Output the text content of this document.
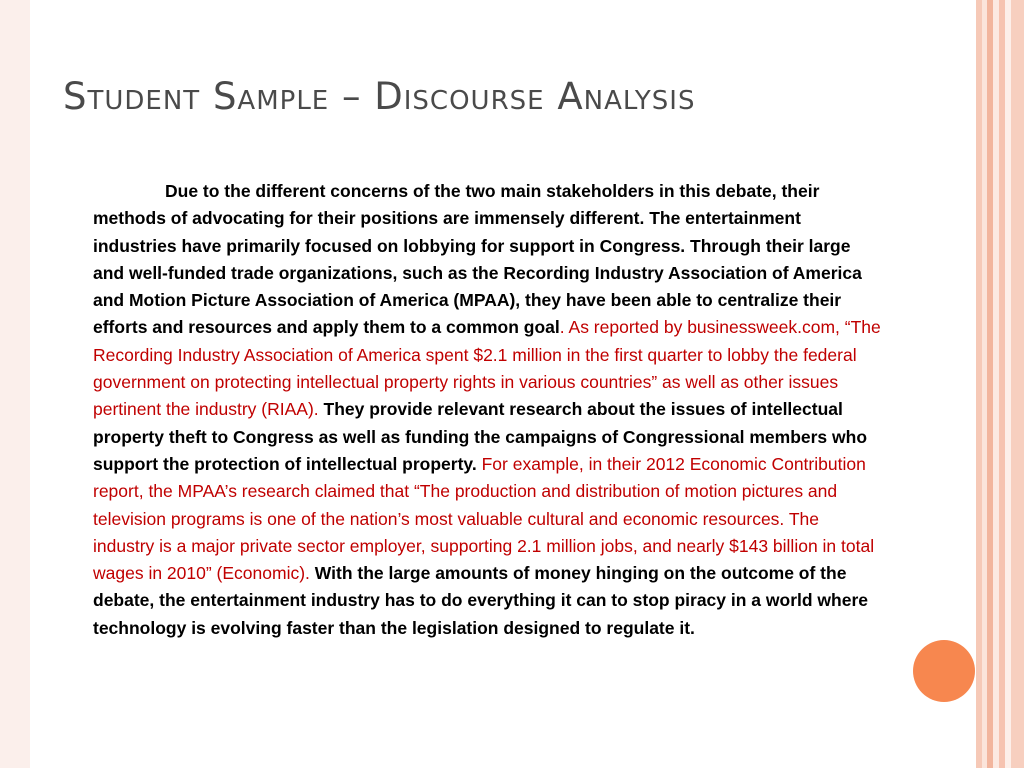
Student Sample – Discourse Analysis

Due to the different concerns of the two main stakeholders in this debate, their methods of advocating for their positions are immensely different. The entertainment industries have primarily focused on lobbying for support in Congress. Through their large and well-funded trade organizations, such as the Recording Industry Association of America and Motion Picture Association of America (MPAA), they have been able to centralize their efforts and resources and apply them to a common goal. As reported by businessweek.com, “The Recording Industry Association of America spent $2.1 million in the first quarter to lobby the federal government on protecting intellectual property rights in various countries” as well as other issues pertinent the industry (RIAA). They provide relevant research about the issues of intellectual property theft to Congress as well as funding the campaigns of Congressional members who support the protection of intellectual property. For example, in their 2012 Economic Contribution report, the MPAA’s research claimed that “The production and distribution of motion pictures and television programs is one of the nation’s most valuable cultural and economic resources. The industry is a major private sector employer, supporting 2.1 million jobs, and nearly $143 billion in total wages in 2010” (Economic). With the large amounts of money hinging on the outcome of the debate, the entertainment industry has to do everything it can to stop piracy in a world where technology is evolving faster than the legislation designed to regulate it.
